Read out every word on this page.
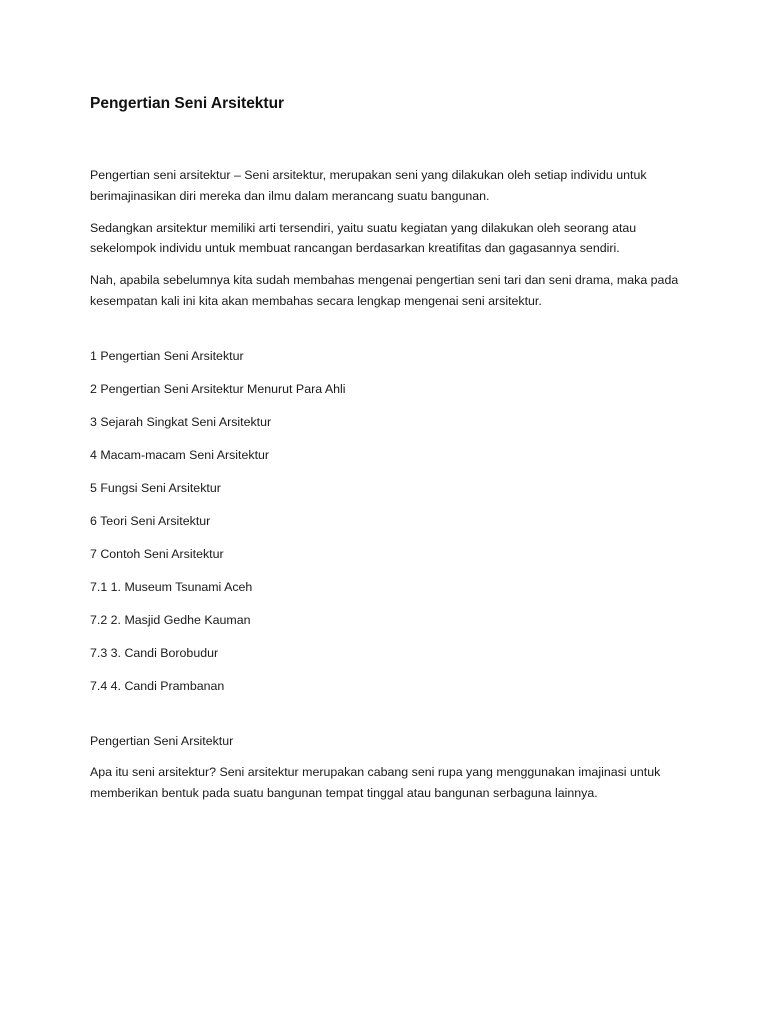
Pengertian Seni Arsitektur

Pengertian seni arsitektur – Seni arsitektur, merupakan seni yang dilakukan oleh setiap individu untuk berimajinasikan diri mereka dan ilmu dalam merancang suatu bangunan.

Sedangkan arsitektur memiliki arti tersendiri, yaitu suatu kegiatan yang dilakukan oleh seorang atau sekelompok individu untuk membuat rancangan berdasarkan kreatifitas dan gagasannya sendiri.

Nah, apabila sebelumnya kita sudah membahas mengenai pengertian seni tari dan seni drama, maka pada kesempatan kali ini kita akan membahas secara lengkap mengenai seni arsitektur.

1 Pengertian Seni Arsitektur

2 Pengertian Seni Arsitektur Menurut Para Ahli

3 Sejarah Singkat Seni Arsitektur

4 Macam-macam Seni Arsitektur

5 Fungsi Seni Arsitektur

6 Teori Seni Arsitektur

7 Contoh Seni Arsitektur

7.1 1. Museum Tsunami Aceh

7.2 2. Masjid Gedhe Kauman

7.3 3. Candi Borobudur

7.4 4. Candi Prambanan

Pengertian Seni Arsitektur

Apa itu seni arsitektur? Seni arsitektur merupakan cabang seni rupa yang menggunakan imajinasi untuk memberikan bentuk pada suatu bangunan tempat tinggal atau bangunan serbaguna lainnya.
